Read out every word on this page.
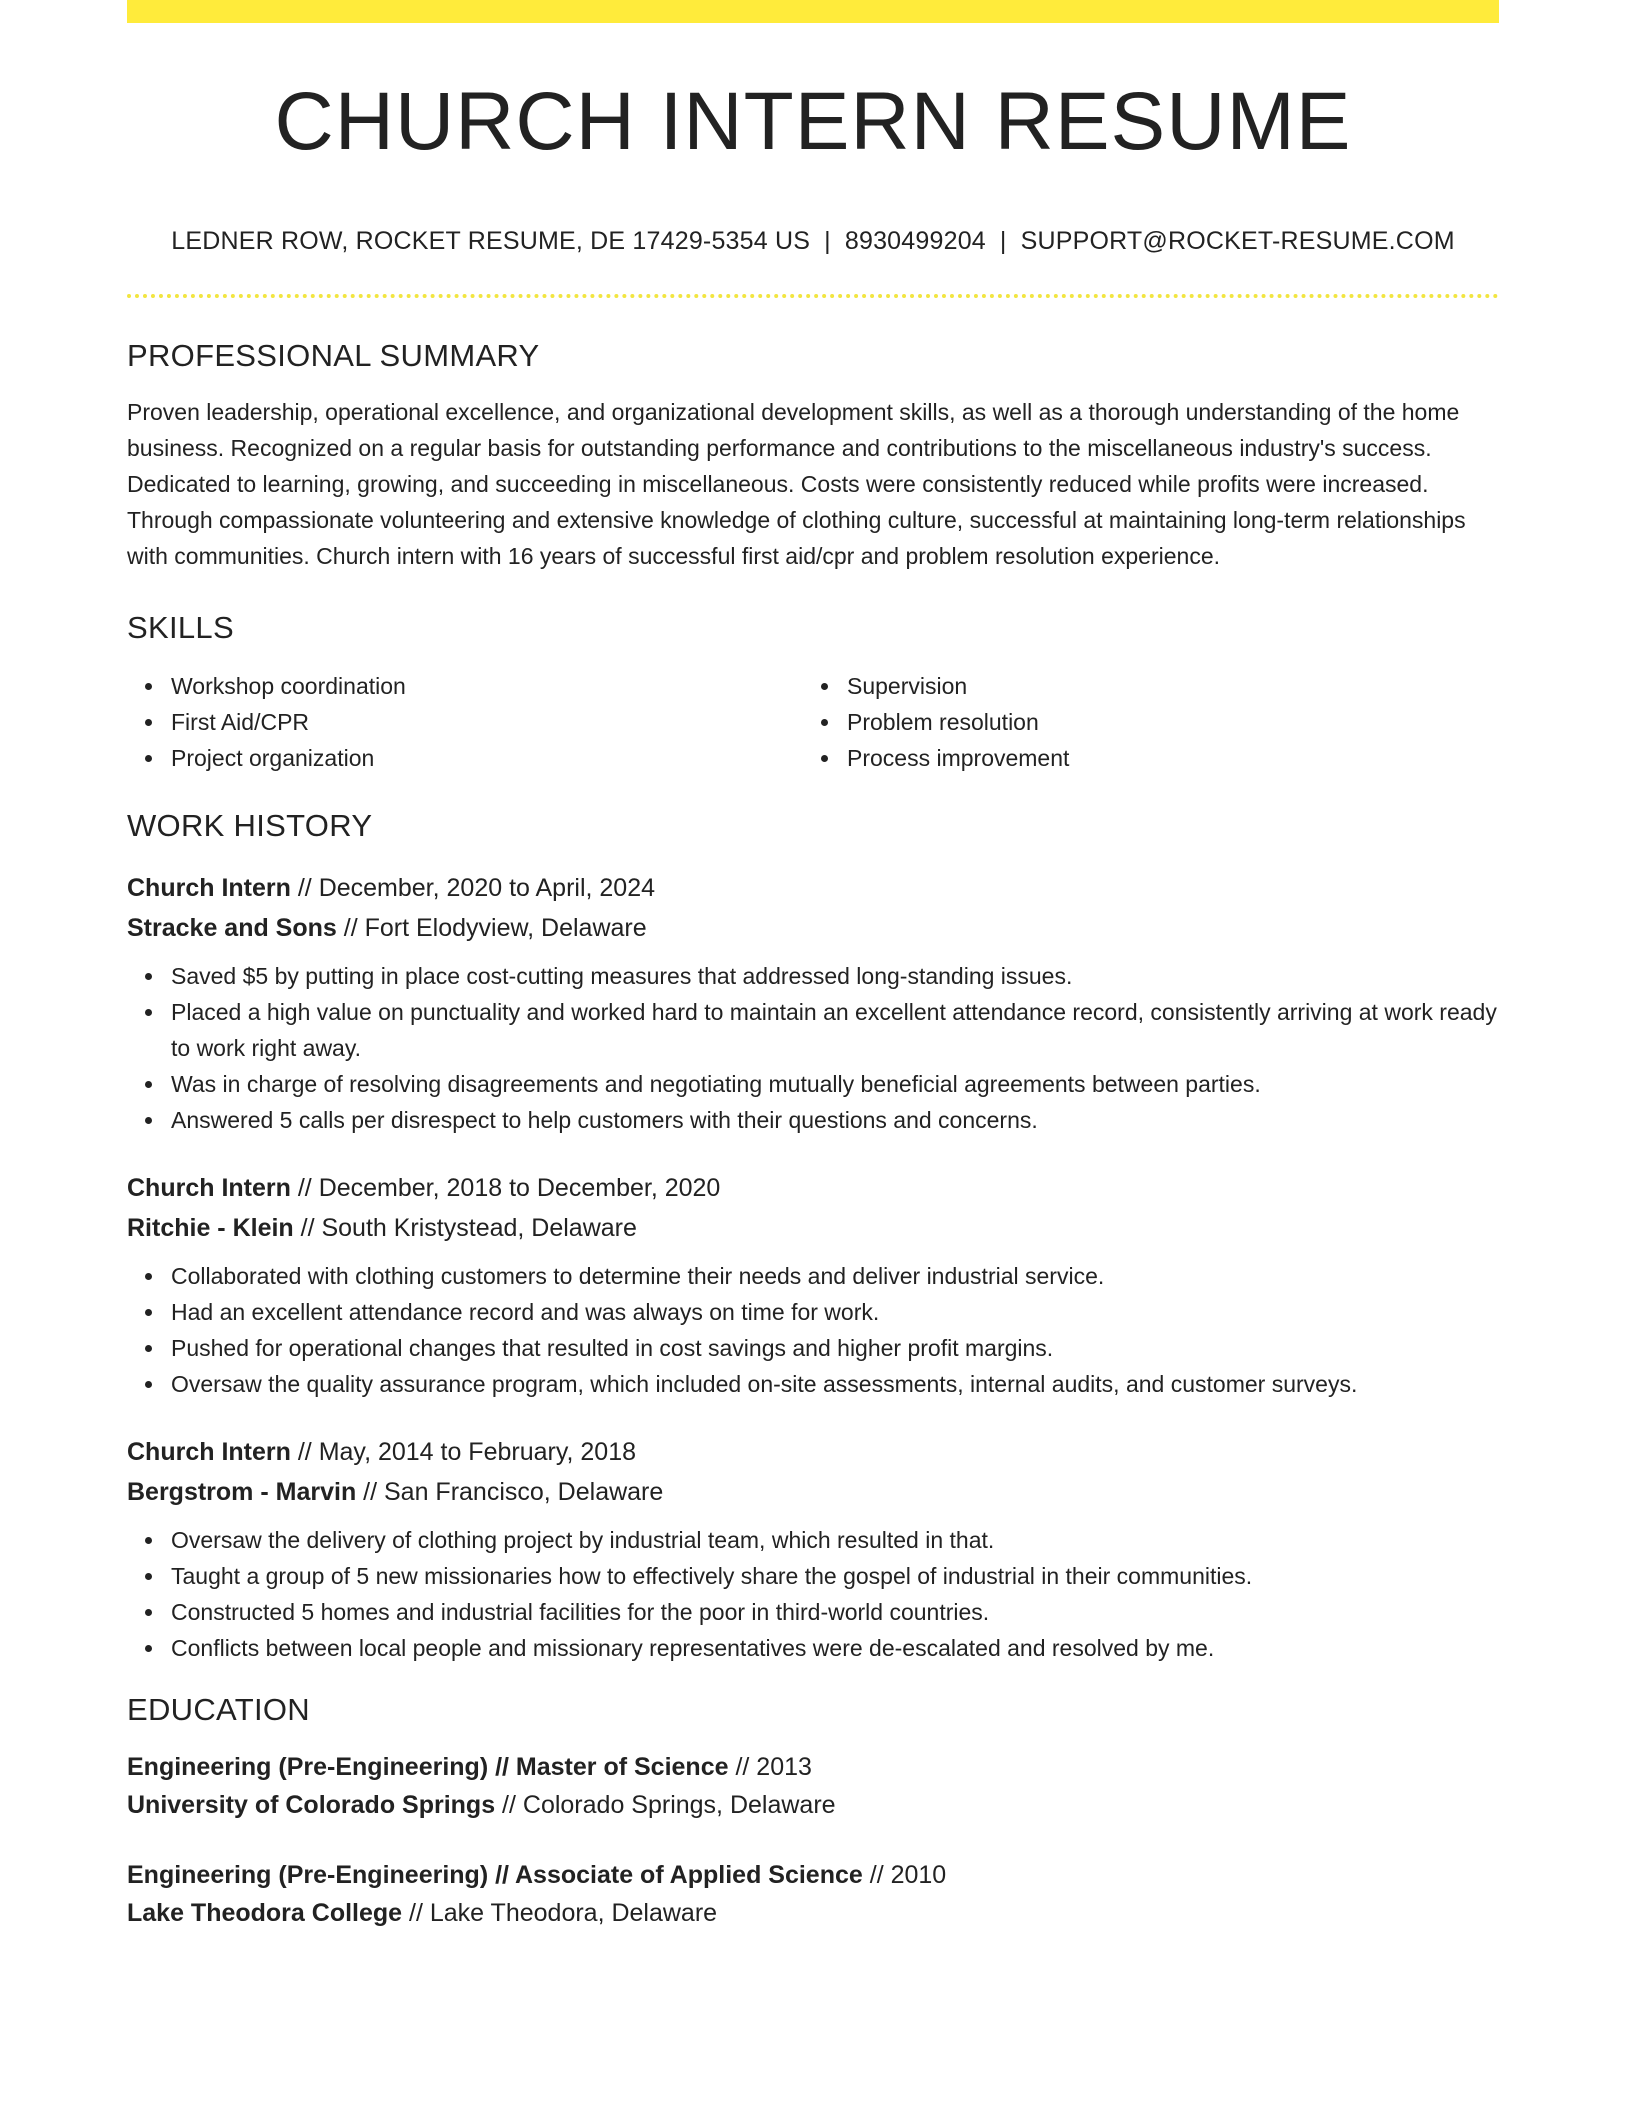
CHURCH INTERN RESUME
LEDNER ROW, ROCKET RESUME, DE 17429-5354 US | 8930499204 | SUPPORT@ROCKET-RESUME.COM
PROFESSIONAL SUMMARY

Proven leadership, operational excellence, and organizational development skills, as well as a thorough understanding of the home business. Recognized on a regular basis for outstanding performance and contributions to the miscellaneous industry's success. Dedicated to learning, growing, and succeeding in miscellaneous. Costs were consistently reduced while profits were increased. Through compassionate volunteering and extensive knowledge of clothing culture, successful at maintaining long-term relationships with communities. Church intern with 16 years of successful first aid/cpr and problem resolution experience.

SKILLS
Workshop coordination
First Aid/CPR
Project organization
Supervision
Problem resolution
Process improvement
WORK HISTORY
Church Intern // December, 2020 to April, 2024
Stracke and Sons // Fort Elodyview, Delaware
Saved $5 by putting in place cost-cutting measures that addressed long-standing issues.
Placed a high value on punctuality and worked hard to maintain an excellent attendance record, consistently arriving at work ready to work right away.
Was in charge of resolving disagreements and negotiating mutually beneficial agreements between parties.
Answered 5 calls per disrespect to help customers with their questions and concerns.
Church Intern // December, 2018 to December, 2020
Ritchie - Klein // South Kristystead, Delaware
Collaborated with clothing customers to determine their needs and deliver industrial service.
Had an excellent attendance record and was always on time for work.
Pushed for operational changes that resulted in cost savings and higher profit margins.
Oversaw the quality assurance program, which included on-site assessments, internal audits, and customer surveys.
Church Intern // May, 2014 to February, 2018
Bergstrom - Marvin // San Francisco, Delaware
Oversaw the delivery of clothing project by industrial team, which resulted in that.
Taught a group of 5 new missionaries how to effectively share the gospel of industrial in their communities.
Constructed 5 homes and industrial facilities for the poor in third-world countries.
Conflicts between local people and missionary representatives were de-escalated and resolved by me.
EDUCATION
Engineering (Pre-Engineering) // Master of Science // 2013
University of Colorado Springs // Colorado Springs, Delaware
Engineering (Pre-Engineering) // Associate of Applied Science // 2010
Lake Theodora College // Lake Theodora, Delaware
